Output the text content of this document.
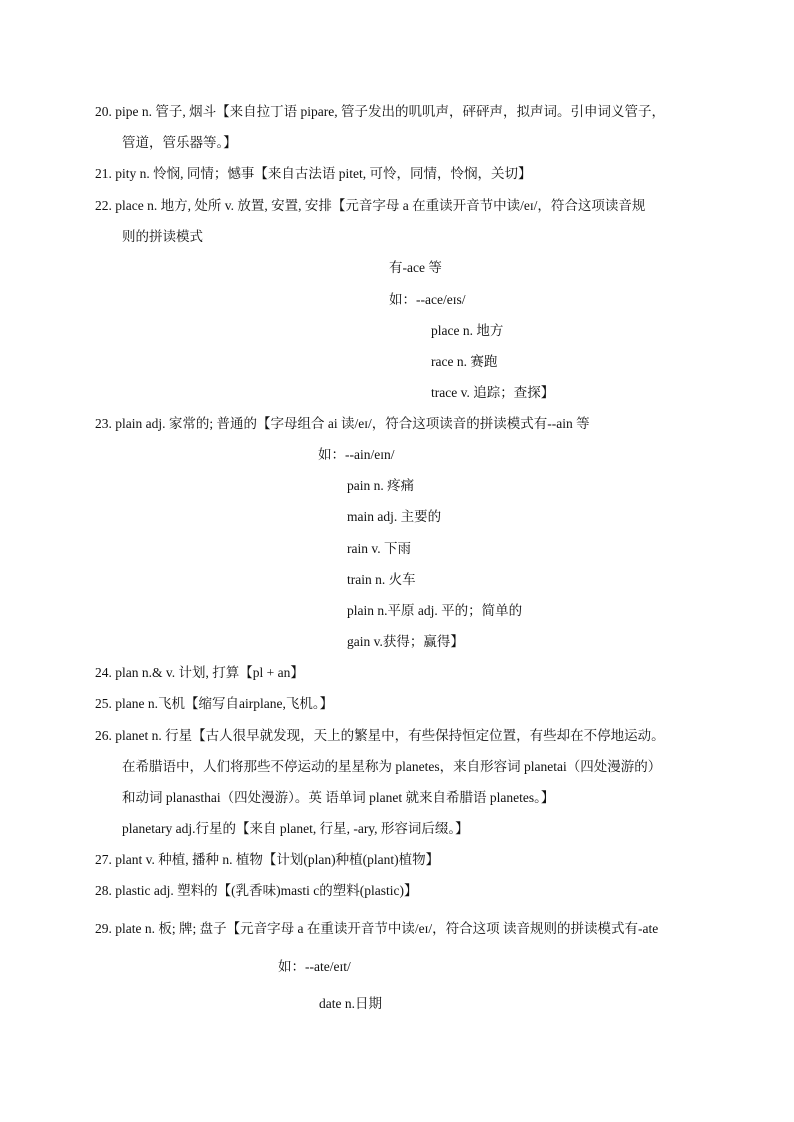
20. pipe n. 管子, 烟斗【来自拉丁语 pipare, 管子发出的叽叽声，砰砰声，拟声词。引申词义管子，
管道，管乐器等。】
21. pity n. 怜悯, 同情；憾事【来自古法语 pitet, 可怜，同情，怜悯，关切】
22. place n. 地方, 处所 v. 放置, 安置, 安排【元音字母 a 在重读开音节中读/eɪ/，符合这项读音规
则的拼读模式
有-ace 等
如：--ace/eɪs/
place n. 地方
race n. 赛跑
trace v. 追踪；查探】
23. plain adj. 家常的; 普通的【字母组合 ai 读/eɪ/，符合这项读音的拼读模式有--ain 等
如：--ain/eɪn/
pain n. 疼痛
main adj. 主要的
rain v. 下雨
train n. 火车
plain n.平原 adj. 平的；简单的
gain v.获得；赢得】
24. plan n.& v. 计划, 打算【pl + an】
25. plane n.飞机【缩写自airplane,飞机。】
26. planet n. 行星【古人很早就发现，天上的繁星中，有些保持恒定位置，有些却在不停地运动。
在希腊语中，人们将那些不停运动的星星称为 planetes，来自形容词 planetai（四处漫游的）
和动词 planasthai（四处漫游）。英 语单词 planet 就来自希腊语 planetes。】
planetary adj.行星的【来自 planet, 行星, -ary, 形容词后缀。】
27. plant v. 种植, 播种 n. 植物【计划(plan)种植(plant)植物】
28. plastic adj. 塑料的【(乳香味)masti c的塑料(plastic)】
29. plate n. 板; 牌; 盘子【元音字母 a 在重读开音节中读/eɪ/，符合这项 读音规则的拼读模式有-ate
如：--ate/eɪt/
date n.日期
